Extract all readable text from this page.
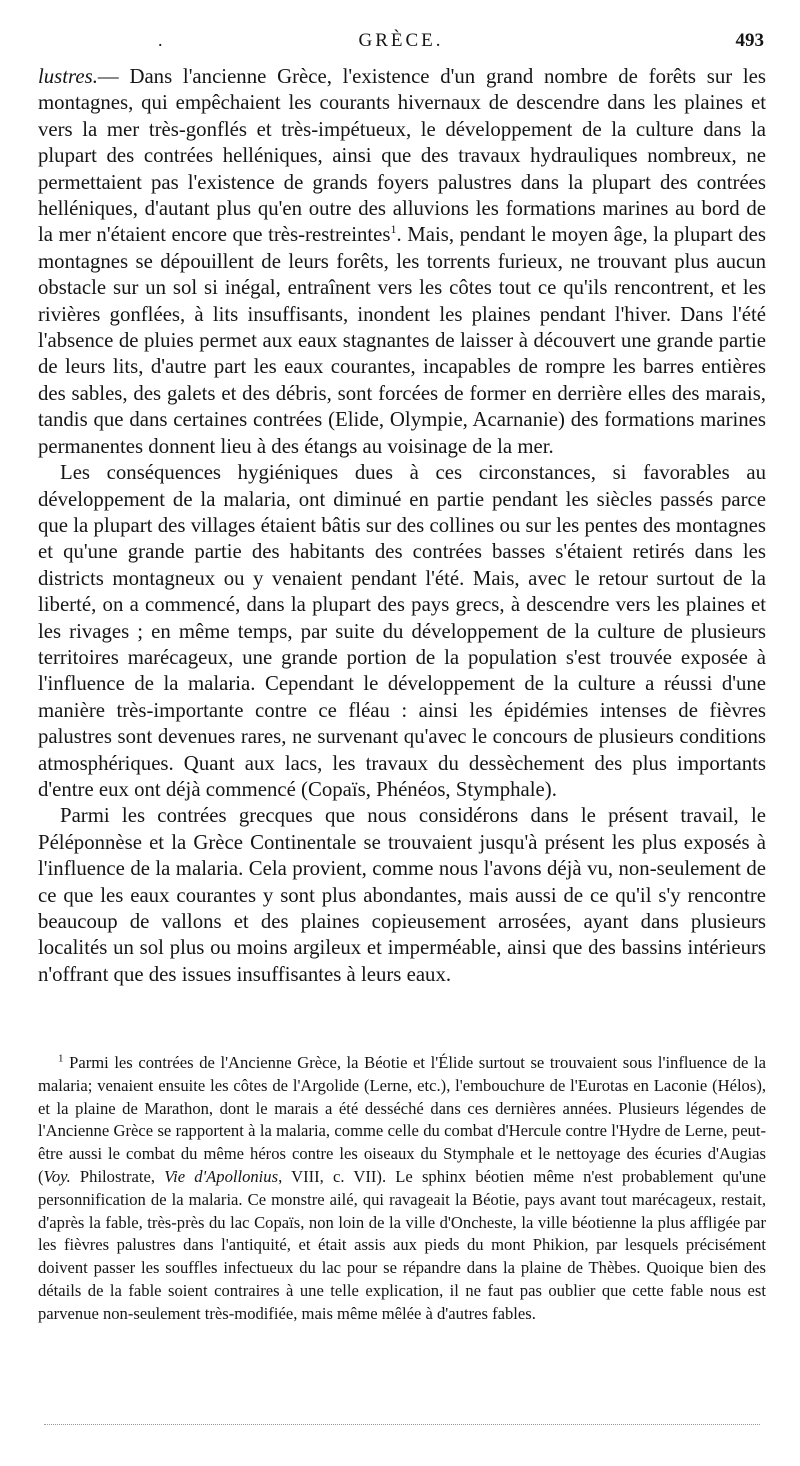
.	GRÈCE.	493

lustres.— Dans l'ancienne Grèce, l'existence d'un grand nombre de forêts sur les montagnes, qui empêchaient les courants hivernaux de descendre dans les plaines et vers la mer très-gonflés et très-impétueux, le développement de la culture dans la plupart des contrées helléniques, ainsi que des travaux hydrauliques nombreux, ne permettaient pas l'existence de grands foyers palustres dans la plupart des contrées helléniques, d'autant plus qu'en outre des alluvions les formations marines au bord de la mer n'étaient encore que très-restreintes$^1$. Mais, pendant le moyen âge, la plupart des montagnes se dépouillent de leurs forêts, les torrents furieux, ne trouvant plus aucun obstacle sur un sol si inégal, entraînent vers les côtes tout ce qu'ils rencontrent, et les rivières gonflées, à lits insuffisants, inondent les plaines pendant l'hiver. Dans l'été l'absence de pluies permet aux eaux stagnantes de laisser à découvert une grande partie de leurs lits, d'autre part les eaux courantes, incapables de rompre les barres entières des sables, des galets et des débris, sont forcées de former en derrière elles des marais, tandis que dans certaines contrées (Elide, Olympie, Acarnanie) des formations marines permanentes donnent lieu à des étangs au voisinage de la mer.

Les conséquences hygiéniques dues à ces circonstances, si favorables au développement de la malaria, ont diminué en partie pendant les siècles passés parce que la plupart des villages étaient bâtis sur des collines ou sur les pentes des montagnes et qu'une grande partie des habitants des contrées basses s'étaient retirés dans les districts montagneux ou y venaient pendant l'été. Mais, avec le retour surtout de la liberté, on a commencé, dans la plupart des pays grecs, à descendre vers les plaines et les rivages ; en même temps, par suite du développement de la culture de plusieurs territoires marécageux, une grande portion de la population s'est trouvée exposée à l'influence de la malaria. Cependant le développement de la culture a réussi d'une manière très-importante contre ce fléau : ainsi les épidémies intenses de fièvres palustres sont devenues rares, ne survenant qu'avec le concours de plusieurs conditions atmosphériques. Quant aux lacs, les travaux du dessèchement des plus importants d'entre eux ont déjà commencé (Copaïs, Phénéos, Stymphale).

Parmi les contrées grecques que nous considérons dans le présent travail, le Péléponnèse et la Grèce Continentale se trouvaient jusqu'à présent les plus exposés à l'influence de la malaria. Cela provient, comme nous l'avons déjà vu, non-seulement de ce que les eaux courantes y sont plus abondantes, mais aussi de ce qu'il s'y rencontre beaucoup de vallons et des plaines copieusement arrosées, ayant dans plusieurs localités un sol plus ou moins argileux et imperméable, ainsi que des bassins intérieurs n'offrant que des issues insuffisantes à leurs eaux.

$^1$ Parmi les contrées de l'Ancienne Grèce, la Béotie et l'Élide surtout se trouvaient sous l'influence de la malaria; venaient ensuite les côtes de l'Argolide (Lerne, etc.), l'embouchure de l'Eurotas en Laconie (Hélos), et la plaine de Marathon, dont le marais a été desséché dans ces dernières années. Plusieurs légendes de l'Ancienne Grèce se rapportent à la malaria, comme celle du combat d'Hercule contre l'Hydre de Lerne, peut-être aussi le combat du même héros contre les oiseaux du Stymphale et le nettoyage des écuries d'Augias (Voy. Philostrate, Vie d'Apollonius, VIII, c. VII). Le sphinx béotien même n'est probablement qu'une personnification de la malaria. Ce monstre ailé, qui ravageait la Béotie, pays avant tout marécageux, restait, d'après la fable, très-près du lac Copaïs, non loin de la ville d'Oncheste, la ville béotienne la plus affligée par les fièvres palustres dans l'antiquité, et était assis aux pieds du mont Phikion, par lesquels précisément doivent passer les souffles infectueux du lac pour se répandre dans la plaine de Thèbes. Quoique bien des détails de la fable soient contraires à une telle explication, il ne faut pas oublier que cette fable nous est parvenue non-seulement très-modifiée, mais même mêlée à d'autres fables.
